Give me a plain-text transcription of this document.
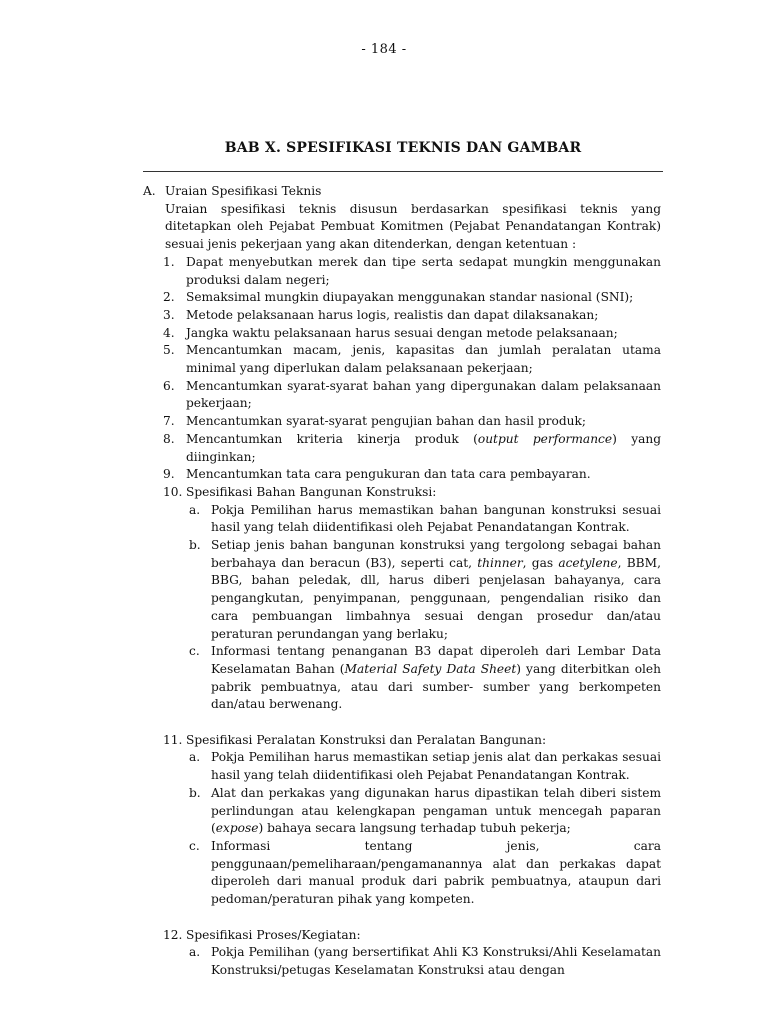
- 184 -
BAB X. SPESIFIKASI TEKNIS DAN GAMBAR
A. Uraian Spesifikasi Teknis
Uraian spesifikasi teknis disusun berdasarkan spesifikasi teknis yang ditetapkan oleh Pejabat Pembuat Komitmen (Pejabat Penandatangan Kontrak) sesuai jenis pekerjaan yang akan ditenderkan, dengan ketentuan :
1. Dapat menyebutkan merek dan tipe serta sedapat mungkin menggunakan produksi dalam negeri;
2. Semaksimal mungkin diupayakan menggunakan standar nasional (SNI);
3. Metode pelaksanaan harus logis, realistis dan dapat dilaksanakan;
4. Jangka waktu pelaksanaan harus sesuai dengan metode pelaksanaan;
5. Mencantumkan macam, jenis, kapasitas dan jumlah peralatan utama minimal yang diperlukan dalam pelaksanaan pekerjaan;
6. Mencantumkan syarat-syarat bahan yang dipergunakan dalam pelaksanaan pekerjaan;
7. Mencantumkan syarat-syarat pengujian bahan dan hasil produk;
8. Mencantumkan kriteria kinerja produk (output performance) yang diinginkan;
9. Mencantumkan tata cara pengukuran dan tata cara pembayaran.
10. Spesifikasi Bahan Bangunan Konstruksi:
a. Pokja Pemilihan harus memastikan bahan bangunan konstruksi sesuai hasil yang telah diidentifikasi oleh Pejabat Penandatangan Kontrak.
b. Setiap jenis bahan bangunan konstruksi yang tergolong sebagai bahan berbahaya dan beracun (B3), seperti cat, thinner, gas acetylene, BBM, BBG, bahan peledak, dll, harus diberi penjelasan bahayanya, cara pengangkutan, penyimpanan, penggunaan, pengendalian risiko dan cara pembuangan limbahnya sesuai dengan prosedur dan/atau peraturan perundangan yang berlaku;
c. Informasi tentang penanganan B3 dapat diperoleh dari Lembar Data Keselamatan Bahan (Material Safety Data Sheet) yang diterbitkan oleh pabrik pembuatnya, atau dari sumber- sumber yang berkompeten dan/atau berwenang.
11. Spesifikasi Peralatan Konstruksi dan Peralatan Bangunan:
a. Pokja Pemilihan harus memastikan setiap jenis alat dan perkakas sesuai hasil yang telah diidentifikasi oleh Pejabat Penandatangan Kontrak.
b. Alat dan perkakas yang digunakan harus dipastikan telah diberi sistem perlindungan atau kelengkapan pengaman untuk mencegah paparan (expose) bahaya secara langsung terhadap tubuh pekerja;
c. Informasi	tentang	jenis,	cara
penggunaan/pemeliharaan/pengamanannya alat dan perkakas dapat diperoleh dari manual produk dari pabrik pembuatnya, ataupun dari pedoman/peraturan pihak yang kompeten.
12. Spesifikasi Proses/Kegiatan:
a. Pokja Pemilihan (yang bersertifikat Ahli K3 Konstruksi/Ahli Keselamatan Konstruksi/petugas Keselamatan Konstruksi atau dengan
